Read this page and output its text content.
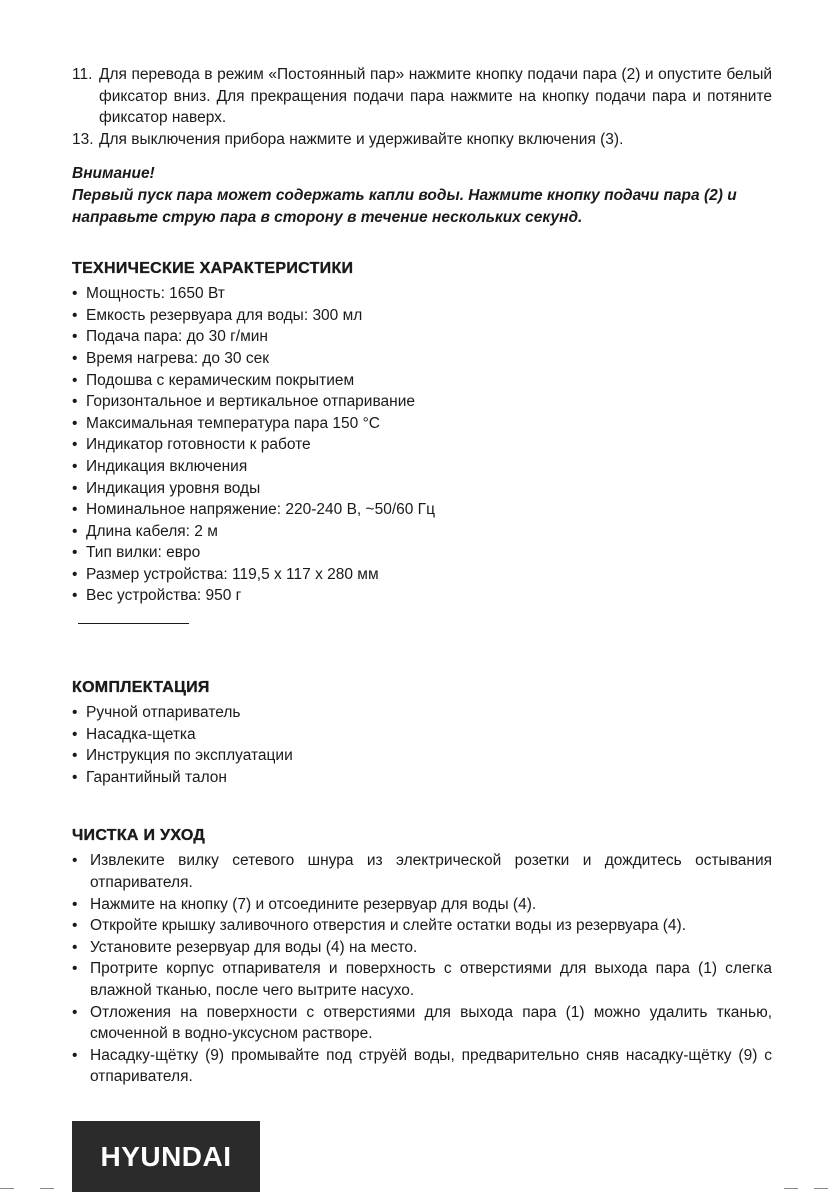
11. Для перевода в режим «Постоянный пар» нажмите кнопку подачи пара (2) и опустите белый фиксатор вниз. Для прекращения подачи пара нажмите на кнопку подачи пара и потяните фиксатор наверх.
13. Для выключения прибора нажмите и удерживайте кнопку включения (3).
Внимание!
Первый пуск пара может содержать капли воды. Нажмите кнопку подачи пара (2) и направьте струю пара в сторону в течение нескольких секунд.
ТЕХНИЧЕСКИЕ ХАРАКТЕРИСТИКИ
• Мощность: 1650 Вт
• Емкость резервуара для воды: 300 мл
• Подача пара: до 30 г/мин
• Время нагрева: до 30 сек
• Подошва с керамическим покрытием
• Горизонтальное и вертикальное отпаривание
• Максимальная температура пара 150 °С
• Индикатор готовности к работе
• Индикация включения
• Индикация уровня воды
• Номинальное напряжение: 220-240 В, ~50/60 Гц
• Длина кабеля: 2 м
• Тип вилки: евро
• Размер устройства: 119,5 х 117 х 280 мм
• Вес устройства: 950 г
КОМПЛЕКТАЦИЯ
• Ручной отпариватель
• Насадка-щетка
• Инструкция по эксплуатации
• Гарантийный талон
ЧИСТКА И УХОД
• Извлеките вилку сетевого шнура из электрической розетки и дождитесь остывания отпаривателя.
• Нажмите на кнопку (7) и отсоедините резервуар для воды (4).
• Откройте крышку заливочного отверстия и слейте остатки воды из резервуара (4).
• Установите резервуар для воды (4) на место.
• Протрите корпус отпаривателя и поверхность с отверстиями для выхода пара (1) слегка влажной тканью, после чего вытрите насухо.
• Отложения на поверхности с отверстиями для выхода пара (1) можно удалить тканью, смоченной в водно-уксусном растворе.
• Насадку-щётку (9) промывайте под струёй воды, предварительно сняв насадку-щётку (9) с отпаривателя.
HYUNDAI
